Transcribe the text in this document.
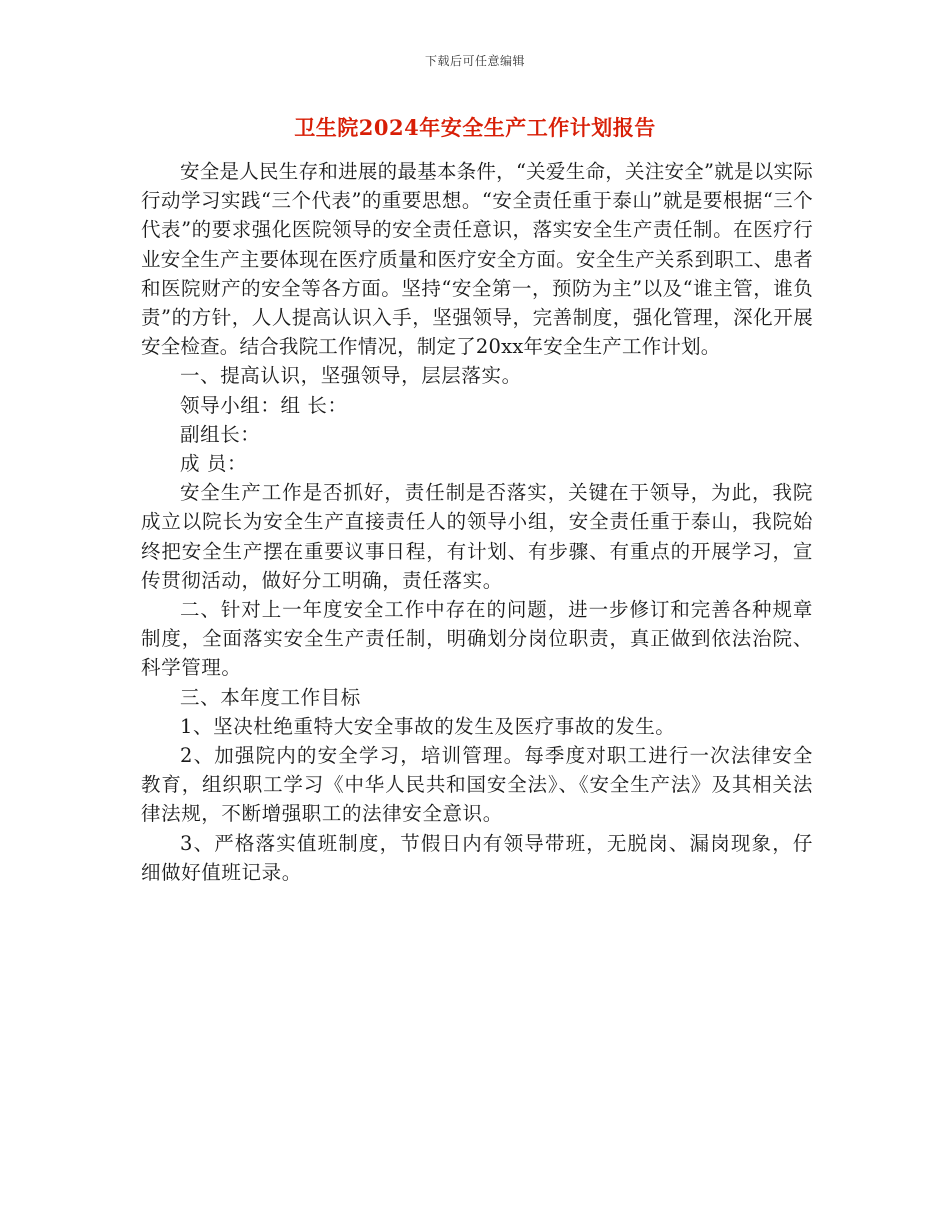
下载后可任意编辑
卫生院2024年安全生产工作计划报告

安全是人民生存和进展的最基本条件，“关爱生命，关注安全”就是以实际行动学习实践“三个代表”的重要思想。“安全责任重于泰山”就是要根据“三个代表”的要求强化医院领导的安全责任意识，落实安全生产责任制。在医疗行业安全生产主要体现在医疗质量和医疗安全方面。安全生产关系到职工、患者和医院财产的安全等各方面。坚持“安全第一，预防为主”以及“谁主管，谁负责”的方针，人人提高认识入手，坚强领导，完善制度，强化管理，深化开展安全检查。结合我院工作情况，制定了20xx年安全生产工作计划。

一、提高认识，坚强领导，层层落实。

领导小组：组 长：

副组长：

成 员：

安全生产工作是否抓好，责任制是否落实，关键在于领导，为此，我院成立以院长为安全生产直接责任人的领导小组，安全责任重于泰山，我院始终把安全生产摆在重要议事日程，有计划、有步骤、有重点的开展学习，宣传贯彻活动，做好分工明确，责任落实。

二、针对上一年度安全工作中存在的问题，进一步修订和完善各种规章制度，全面落实安全生产责任制，明确划分岗位职责，真正做到依法治院、科学管理。

三、本年度工作目标

1、坚决杜绝重特大安全事故的发生及医疗事故的发生。

2、加强院内的安全学习，培训管理。每季度对职工进行一次法律安全教育，组织职工学习《中华人民共和国安全法》、《安全生产法》及其相关法律法规，不断增强职工的法律安全意识。

3、严格落实值班制度，节假日内有领导带班，无脱岗、漏岗现象，仔细做好值班记录。
